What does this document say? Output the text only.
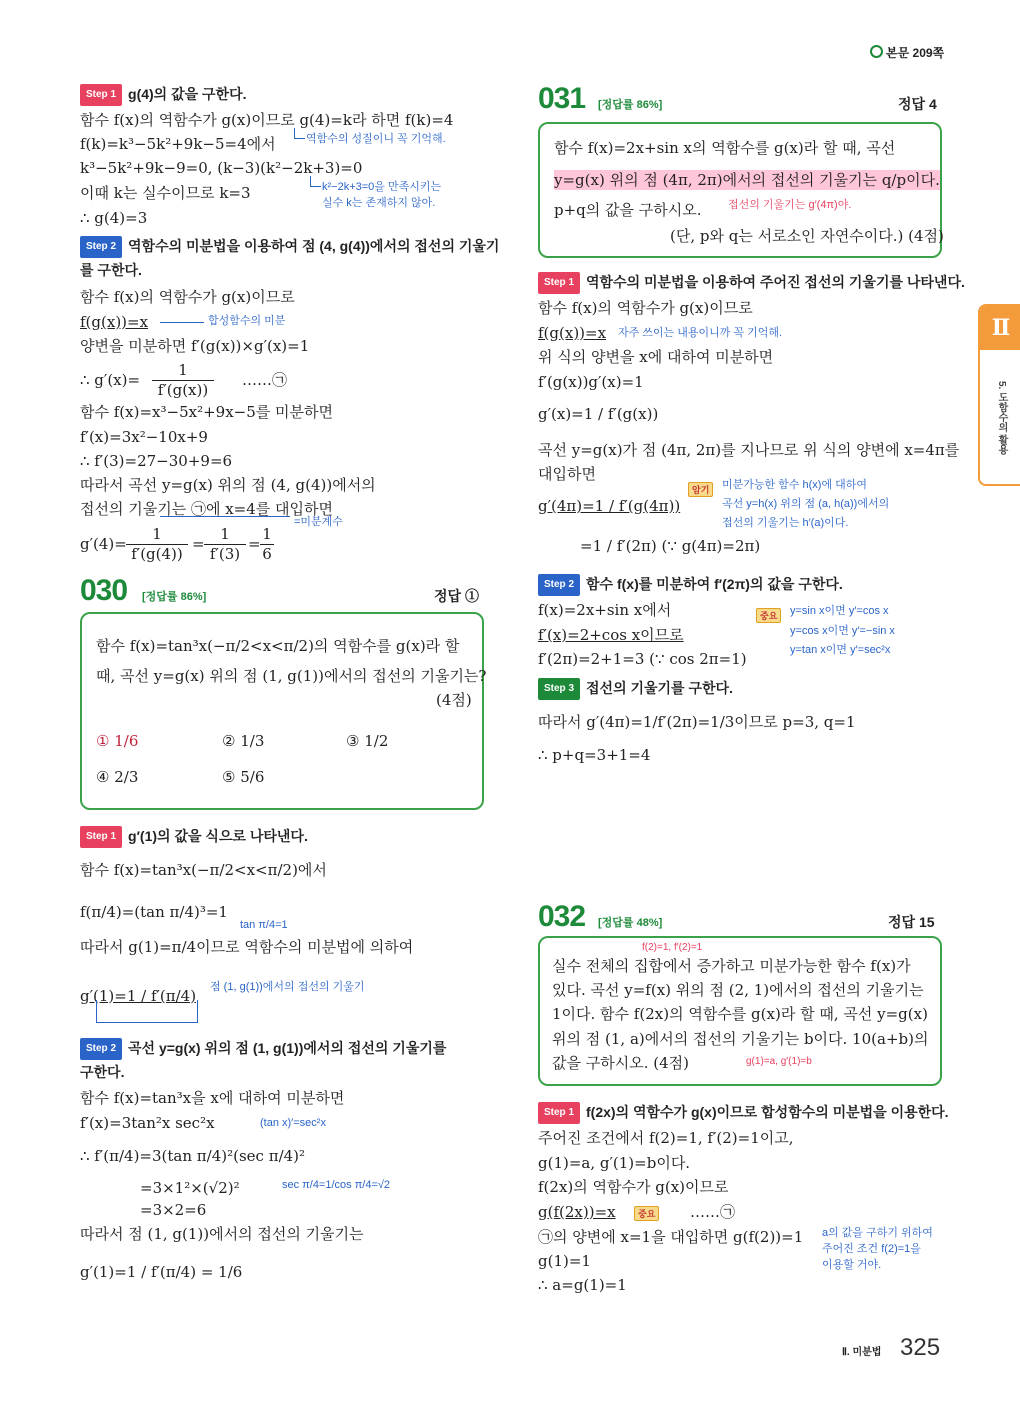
본문 209쪽
Step 1 g(4)의 값을 구한다.
함수 f(x)의 역함수가 g(x)이므로 g(4)=k라 하면 f(k)=4
역함수의 성질이니 꼭 기억해.
f(k)=k³−5k²+9k−5=4에서
k³−5k²+9k−9=0, (k−3)(k²−2k+3)=0
이때 k는 실수이므로 k=3	k²−2k+3=0을 만족시키는
실수 k는 존재하지 않아.
∴ g(4)=3
Step 2 역함수의 미분법을 이용하여 점 (4, g(4))에서의 접선의 기울기
를 구한다.
함수 f(x)의 역함수가 g(x)이므로
f(g(x))=x	합성함수의 미분
양변을 미분하면 f′(g(x))×g′(x)=1
∴ g′(x)=
1
f′(g(x))
……㉠
함수 f(x)=x³−5x²+9x−5를 미분하면
f′(x)=3x²−10x+9
∴ f′(3)=27−30+9=6
따라서 곡선 y=g(x) 위의 점 (4, g(4))에서의
접선의 기울기는 ㉠에 x=4를 대입하면
=미분계수
g′(4)=
1
f′(g(4))
=
1
f′(3)
=
1
6
030 [정답률 86%]	정답 ①
함수 f(x)=tan³x(−π/2<x<π/2)의 역함수를 g(x)라 할
때, 곡선 y=g(x) 위의 점 (1, g(1))에서의 접선의 기울기는?
(4점)
① 1/6	② 1/3	③ 1/2
④ 2/3	⑤ 5/6
Step 1 g′(1)의 값을 식으로 나타낸다.
함수 f(x)=tan³x(−π/2<x<π/2)에서
f(π/4)=(tan π/4)³=1
tan π/4=1
따라서 g(1)=π/4이므로 역함수의 미분법에 의하여
g′(1)=1 / f′(π/4) 점 (1, g(1))에서의 접선의 기울기
Step 2 곡선 y=g(x) 위의 점 (1, g(1))에서의 접선의 기울기를
구한다.
함수 f(x)=tan³x을 x에 대하여 미분하면
f′(x)=3tan²x sec²x	(tan x)′=sec²x
∴ f′(π/4)=3(tan π/4)²(sec π/4)²
=3×1²×(√2)²	sec π/4=1/cos π/4=√2
=3×2=6
따라서 점 (1, g(1))에서의 접선의 기울기는
g′(1)=1 / f′(π/4) = 1/6
031 [정답률 86%]	정답 4
함수 f(x)=2x+sin x의 역함수를 g(x)라 할 때, 곡선
y=g(x) 위의 점 (4π, 2π)에서의 접선의 기울기는 q/p이다.
p+q의 값을 구하시오. 접선의 기울기는 g′(4π)야.
(단, p와 q는 서로소인 자연수이다.) (4점)
Step 1 역함수의 미분법을 이용하여 주어진 접선의 기울기를 나타낸다.
함수 f(x)의 역함수가 g(x)이므로
f(g(x))=x 자주 쓰이는 내용이니까 꼭 기억해.
위 식의 양변을 x에 대하여 미분하면
f′(g(x))g′(x)=1
g′(x)=1 / f′(g(x))
곡선 y=g(x)가 점 (4π, 2π)를 지나므로 위 식의 양변에 x=4π를
대입하면
g′(4π)=1 / f′(g(4π))
=1 / f′(2π) (∵ g(4π)=2π)
암기	미분가능한 함수 h(x)에 대하여
곡선 y=h(x) 위의 점 (a, h(a))에서의
접선의 기울기는 h′(a)이다.
Step 2 함수 f(x)를 미분하여 f′(2π)의 값을 구한다.
f(x)=2x+sin x에서
f′(x)=2+cos x이므로
f′(2π)=2+1=3 (∵ cos 2π=1)
중요	y=sin x이면 y′=cos x
y=cos x이면 y′=−sin x
y=tan x이면 y′=sec²x
Step 3 접선의 기울기를 구한다.
따라서 g′(4π)=1/f′(2π)=1/3이므로 p=3, q=1
∴ p+q=3+1=4
032 [정답률 48%]	정답 15
f(2)=1, f′(2)=1
실수 전체의 집합에서 증가하고 미분가능한 함수 f(x)가
있다. 곡선 y=f(x) 위의 점 (2, 1)에서의 접선의 기울기는
1이다. 함수 f(2x)의 역함수를 g(x)라 할 때, 곡선 y=g(x)
위의 점 (1, a)에서의 접선의 기울기는 b이다. 10(a+b)의
값을 구하시오. (4점)	g(1)=a, g′(1)=b
Step 1 f(2x)의 역함수가 g(x)이므로 합성함수의 미분법을 이용한다.
주어진 조건에서 f(2)=1, f′(2)=1이고,
g(1)=a, g′(1)=b이다.
f(2x)의 역함수가 g(x)이므로
g(f(2x))=x	중요 ……㉠
㉠의 양변에 x=1을 대입하면 g(f(2))=1 a의 값을 구하기 위하여
주어진 조건 f(2)=1을
이용할 거야.
g(1)=1
∴ a=g(1)=1
Ⅱ
5. 도함수의 활용
Ⅱ. 미분법 325
